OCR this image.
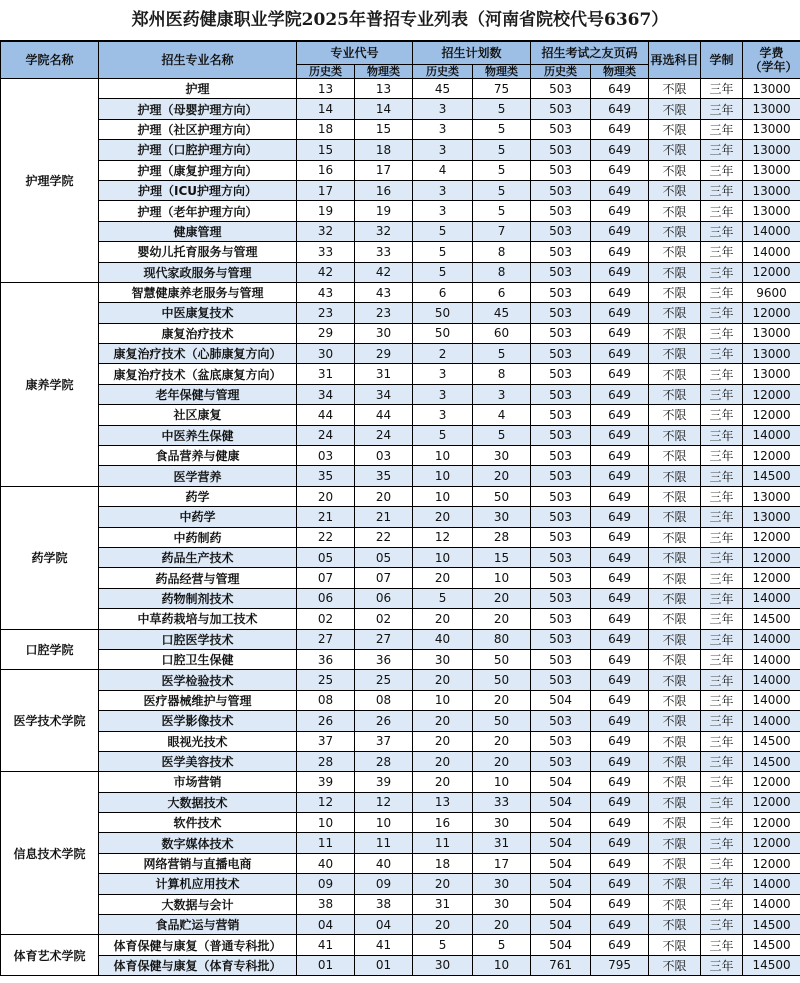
郑州医药健康职业学院2025年普招专业列表（河南省院校代号6367）
学院名称	招生专业名称	专业代号		招生计划数		招生考试之友页码		再选科目	学制	学费（学年）
		历史类	物理类	历史类	物理类	历史类	物理类			
护理学院	护理	13	13	45	75	503	649	不限	三年	13000
	护理（母婴护理方向）	14	14	3	5	503	649	不限	三年	13000
	护理（社区护理方向）	18	15	3	5	503	649	不限	三年	13000
	护理（口腔护理方向）	15	18	3	5	503	649	不限	三年	13000
	护理（康复护理方向）	16	17	4	5	503	649	不限	三年	13000
	护理（ICU护理方向）	17	16	3	5	503	649	不限	三年	13000
	护理（老年护理方向）	19	19	3	5	503	649	不限	三年	13000
	健康管理	32	32	5	7	503	649	不限	三年	14000
	婴幼儿托育服务与管理	33	33	5	8	503	649	不限	三年	14000
	现代家政服务与管理	42	42	5	8	503	649	不限	三年	12000
康养学院	智慧健康养老服务与管理	43	43	6	6	503	649	不限	三年	9600
	中医康复技术	23	23	50	45	503	649	不限	三年	12000
	康复治疗技术	29	30	50	60	503	649	不限	三年	13000
	康复治疗技术（心肺康复方向）	30	29	2	5	503	649	不限	三年	13000
	康复治疗技术（盆底康复方向）	31	31	3	8	503	649	不限	三年	13000
	老年保健与管理	34	34	3	3	503	649	不限	三年	12000
	社区康复	44	44	3	4	503	649	不限	三年	12000
	中医养生保健	24	24	5	5	503	649	不限	三年	14000
	食品营养与健康	03	03	10	30	503	649	不限	三年	12000
	医学营养	35	35	10	20	503	649	不限	三年	14500
药学院	药学	20	20	10	50	503	649	不限	三年	13000
	中药学	21	21	20	30	503	649	不限	三年	13000
	中药制药	22	22	12	28	503	649	不限	三年	12000
	药品生产技术	05	05	10	15	503	649	不限	三年	12000
	药品经营与管理	07	07	20	10	503	649	不限	三年	12000
	药物制剂技术	06	06	5	20	503	649	不限	三年	14000
	中草药栽培与加工技术	02	02	20	20	503	649	不限	三年	14500
口腔学院	口腔医学技术	27	27	40	80	503	649	不限	三年	14000
	口腔卫生保健	36	36	30	50	503	649	不限	三年	14000
医学技术学院	医学检验技术	25	25	20	50	503	649	不限	三年	14000
	医疗器械维护与管理	08	08	10	20	504	649	不限	三年	14000
	医学影像技术	26	26	20	50	503	649	不限	三年	14000
	眼视光技术	37	37	20	20	503	649	不限	三年	14500
	医学美容技术	28	28	20	20	503	649	不限	三年	14500
信息技术学院	市场营销	39	39	20	10	504	649	不限	三年	12000
	大数据技术	12	12	13	33	504	649	不限	三年	12000
	软件技术	10	10	16	30	504	649	不限	三年	12000
	数字媒体技术	11	11	11	31	504	649	不限	三年	12000
	网络营销与直播电商	40	40	18	17	504	649	不限	三年	12000
	计算机应用技术	09	09	20	30	504	649	不限	三年	14000
	大数据与会计	38	38	31	30	504	649	不限	三年	14000
	食品贮运与营销	04	04	20	20	504	649	不限	三年	14500
体育艺术学院	体育保健与康复（普通专科批）	41	41	5	5	504	649	不限	三年	14500
	体育保健与康复（体育专科批）	01	01	30	10	761	795	不限	三年	14500
